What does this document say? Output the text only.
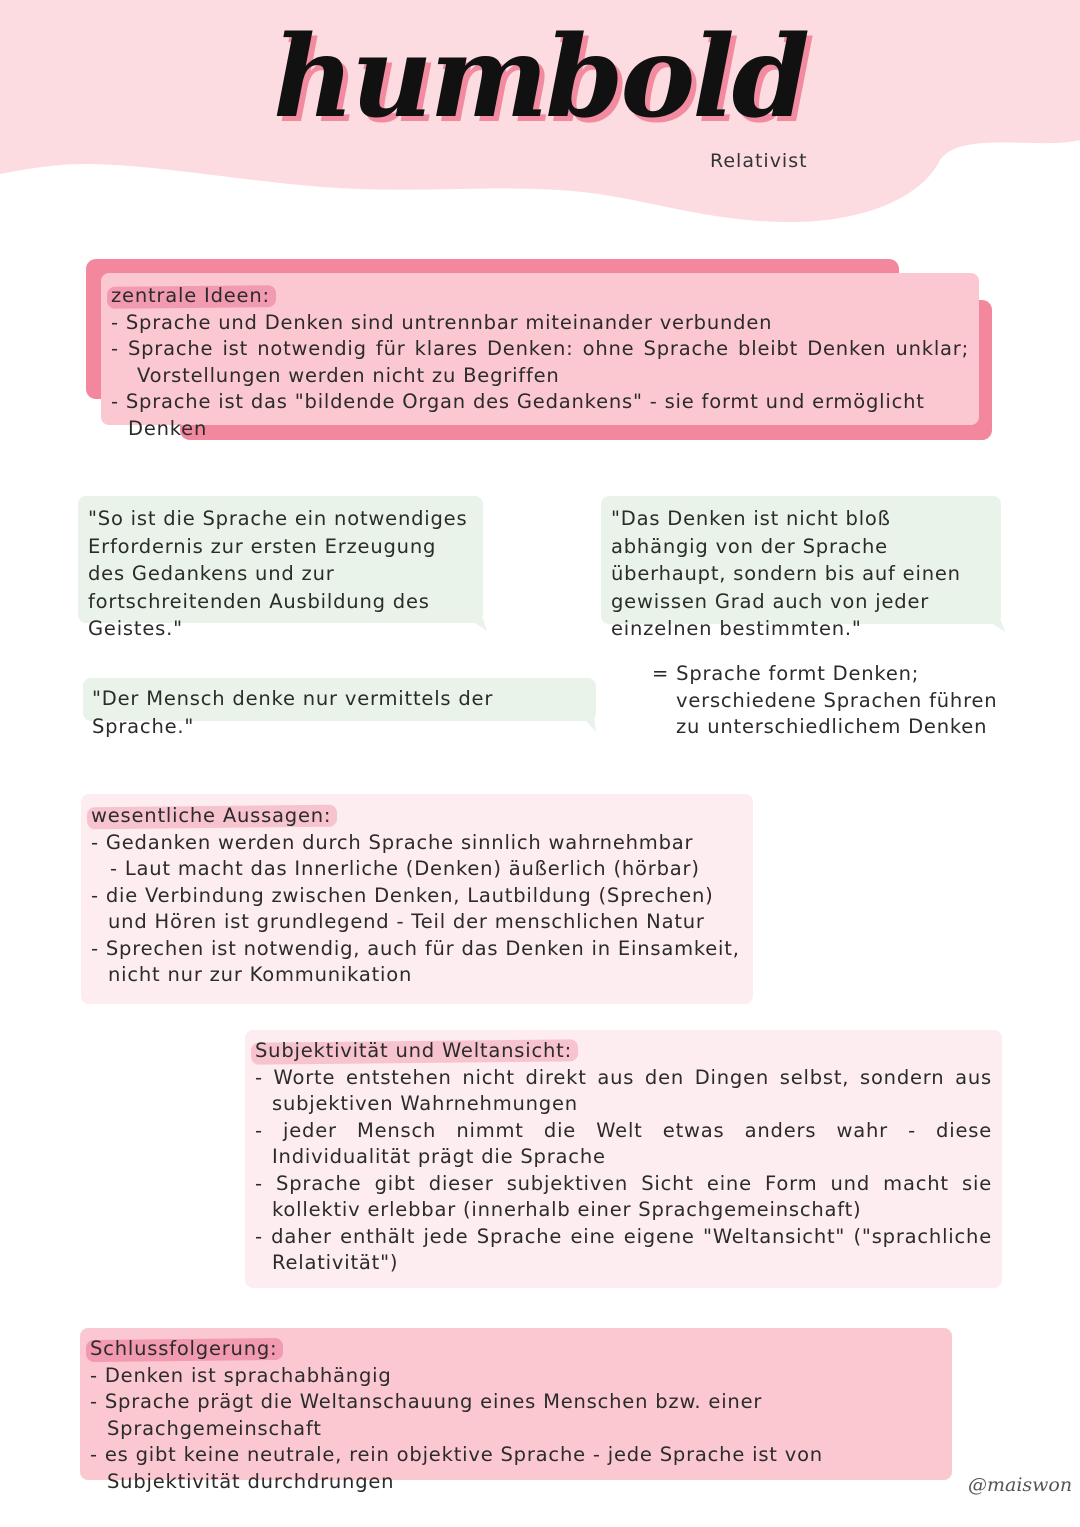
humbold
Relativist
zentrale Ideen:
- Sprache und Denken sind untrennbar miteinander verbunden
- Sprache ist notwendig für klares Denken: ohne Sprache bleibt Denken unklar;
Vorstellungen werden nicht zu Begriffen
- Sprache ist das "bildende Organ des Gedankens" - sie formt und ermöglicht Denken
"So ist die Sprache ein notwendiges Erfordernis zur ersten Erzeugung des Gedankens und zur fortschreitenden Ausbildung des Geistes."
"Das Denken ist nicht bloß abhängig von der Sprache überhaupt, sondern bis auf einen gewissen Grad auch von jeder einzelnen bestimmten."
"Der Mensch denke nur vermittels der Sprache."
= Sprache formt Denken;
verschiedene Sprachen führen
zu unterschiedlichem Denken
wesentliche Aussagen:
- Gedanken werden durch Sprache sinnlich wahrnehmbar
- Laut macht das Innerliche (Denken) äußerlich (hörbar)
- die Verbindung zwischen Denken, Lautbildung (Sprechen) und Hören ist grundlegend - Teil der menschlichen Natur
- Sprechen ist notwendig, auch für das Denken in Einsamkeit, nicht nur zur Kommunikation
Subjektivität und Weltansicht:
- Worte entstehen nicht direkt aus den Dingen selbst, sondern aus subjektiven Wahrnehmungen
- jeder Mensch nimmt die Welt etwas anders wahr - diese Individualität prägt die Sprache
- Sprache gibt dieser subjektiven Sicht eine Form und macht sie kollektiv erlebbar (innerhalb einer Sprachgemeinschaft)
- daher enthält jede Sprache eine eigene "Weltansicht" ("sprachliche Relativität")
Schlussfolgerung:
- Denken ist sprachabhängig
- Sprache prägt die Weltanschauung eines Menschen bzw. einer Sprachgemeinschaft
- es gibt keine neutrale, rein objektive Sprache - jede Sprache ist von Subjektivität durchdrungen	@maiswon
